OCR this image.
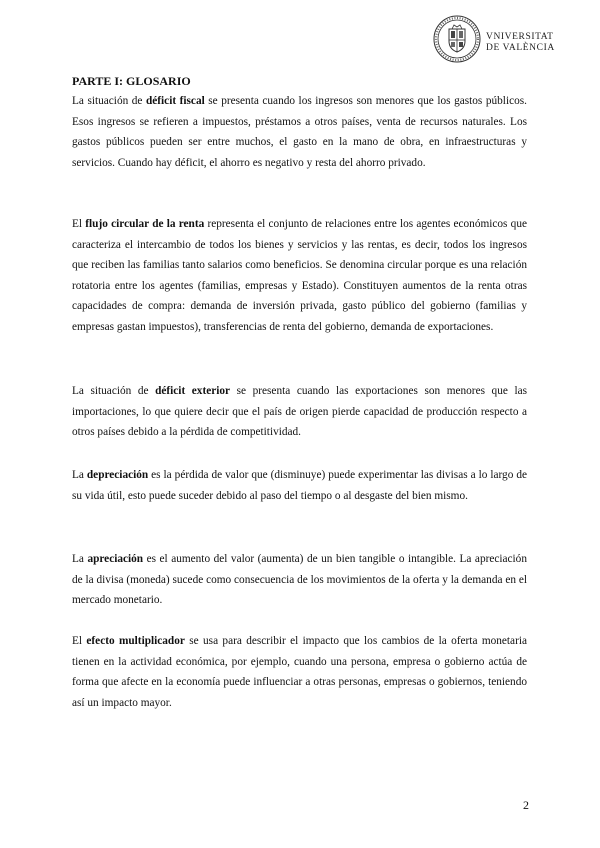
VNIVERSITAT
DE VALÈNCIA
PARTE I: GLOSARIO

La situación de déficit fiscal se presenta cuando los ingresos son menores que los gastos públicos. Esos ingresos se refieren a impuestos, préstamos a otros países, venta de recursos naturales. Los gastos públicos pueden ser entre muchos, el gasto en la mano de obra, en infraestructuras y servicios. Cuando hay déficit, el ahorro es negativo y resta del ahorro privado.

El flujo circular de la renta representa el conjunto de relaciones entre los agentes económicos que caracteriza el intercambio de todos los bienes y servicios y las rentas, es decir, todos los ingresos que reciben las familias tanto salarios como beneficios. Se denomina circular porque es una relación rotatoria entre los agentes (familias, empresas y Estado). Constituyen aumentos de la renta otras capacidades de compra: demanda de inversión privada, gasto público del gobierno (familias y empresas gastan impuestos), transferencias de renta del gobierno, demanda de exportaciones.

La situación de déficit exterior se presenta cuando las exportaciones son menores que las importaciones, lo que quiere decir que el país de origen pierde capacidad de producción respecto a otros países debido a la pérdida de competitividad.

La depreciación es la pérdida de valor que (disminuye) puede experimentar las divisas a lo largo de su vida útil, esto puede suceder debido al paso del tiempo o al desgaste del bien mismo.

La apreciación es el aumento del valor (aumenta) de un bien tangible o intangible. La apreciación de la divisa (moneda) sucede como consecuencia de los movimientos de la oferta y la demanda en el mercado monetario.

El efecto multiplicador se usa para describir el impacto que los cambios de la oferta monetaria tienen en la actividad económica, por ejemplo, cuando una persona, empresa o gobierno actúa de forma que afecte en la economía puede influenciar a otras personas, empresas o gobiernos, teniendo así un impacto mayor.

2
